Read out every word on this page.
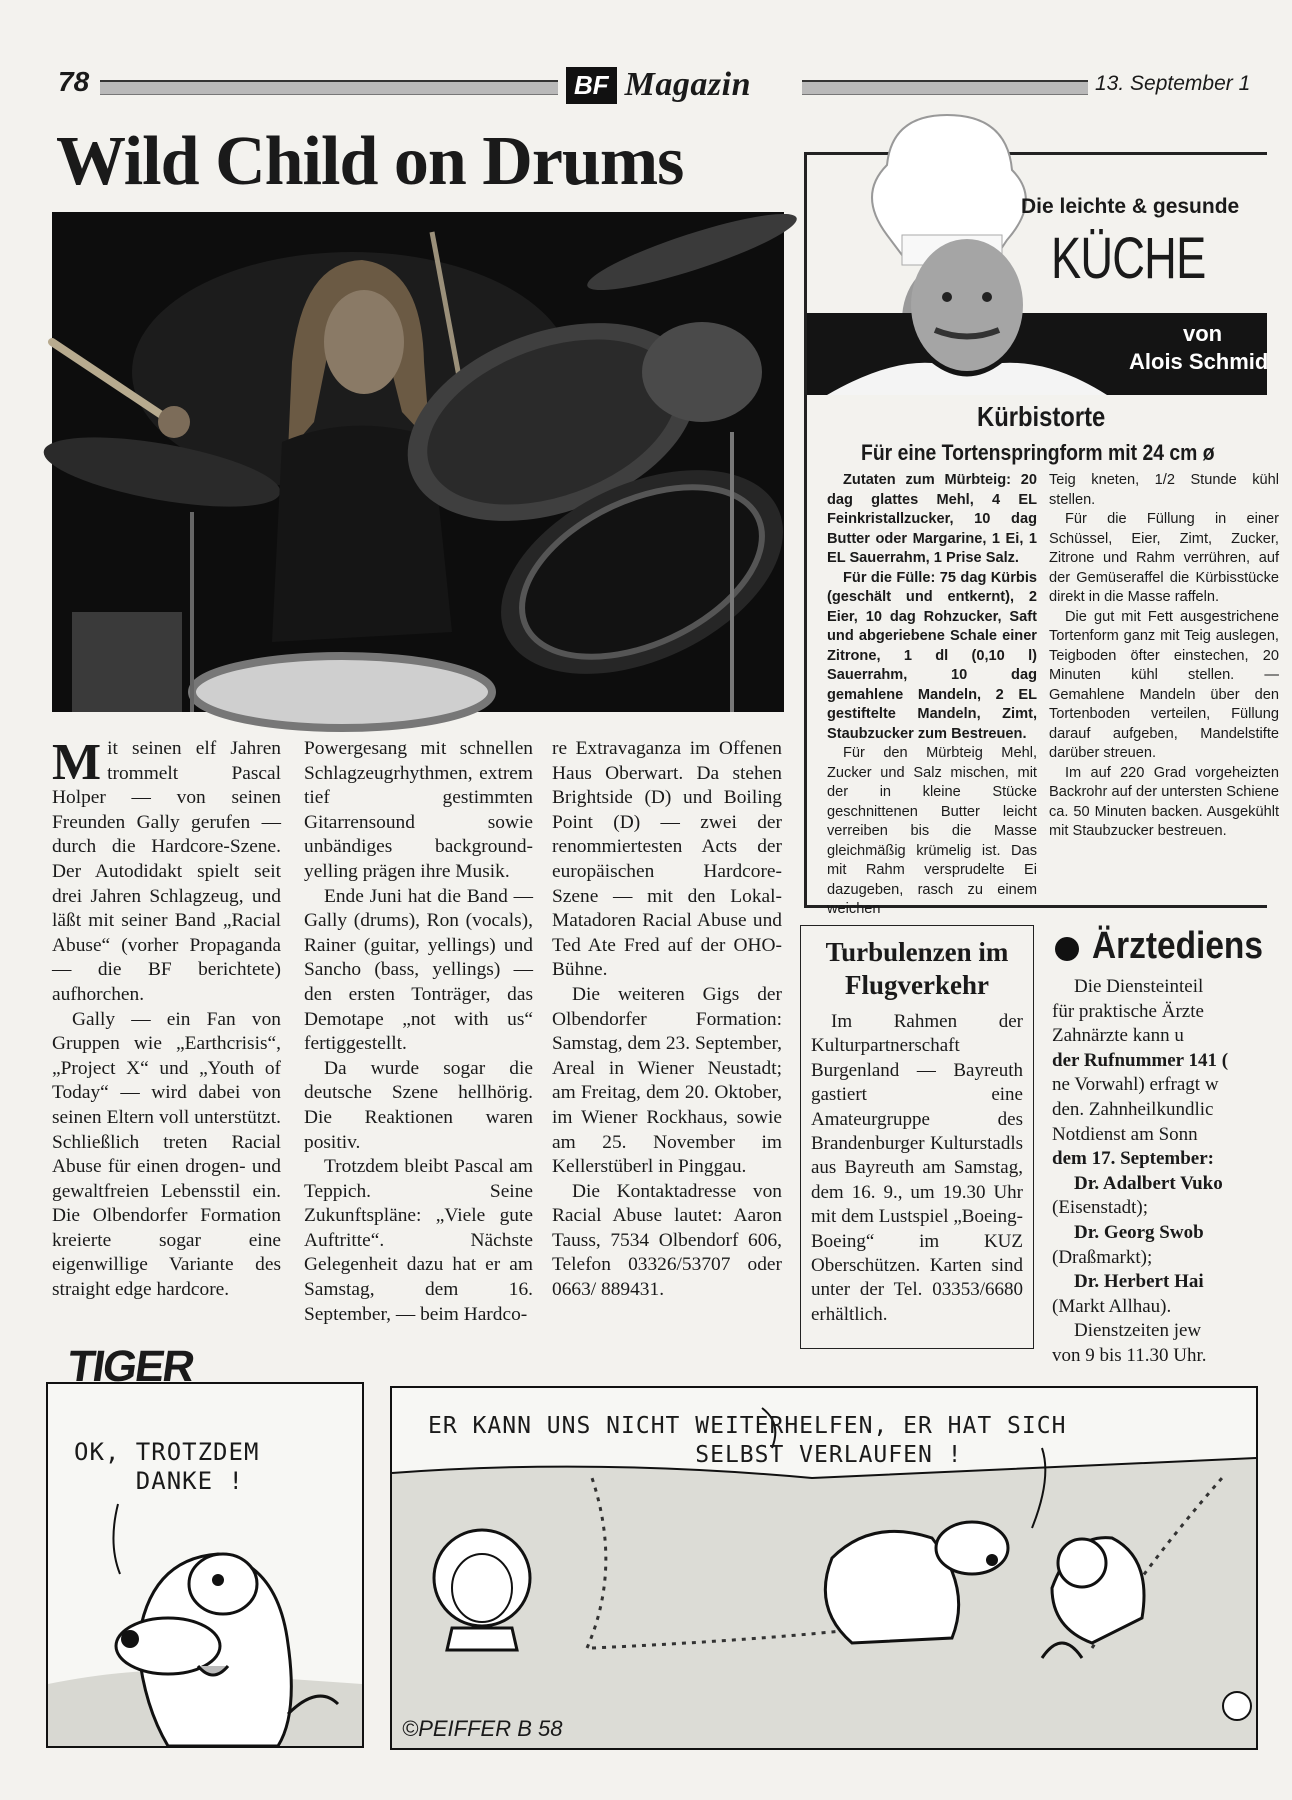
78	BF Magazin	13. September 1
Wild Child on Drums

Mit seinen elf Jahren trommelt Pascal Holper — von seinen Freunden Gally gerufen — durch die Hardcore-Szene. Der Autodidakt spielt seit drei Jahren Schlagzeug, und läßt mit seiner Band „Racial Abuse“ (vorher Propaganda — die BF berichtete) aufhorchen.

Gally — ein Fan von Gruppen wie „Earthcrisis“, „Project X“ und „Youth of Today“ — wird dabei von seinen Eltern voll unterstützt. Schließlich treten Racial Abuse für einen drogen- und gewaltfreien Lebensstil ein. Die Olbendorfer Formation kreierte sogar eine eigenwillige Variante des straight edge hardcore.

Powergesang mit schnellen Schlagzeugrhythmen, extrem tief gestimmten Gitarrensound sowie unbändiges background-yelling prägen ihre Musik.

Ende Juni hat die Band — Gally (drums), Ron (vocals), Rainer (guitar, yellings) und Sancho (bass, yellings) — den ersten Tonträger, das Demotape „not with us“ fertiggestellt.

Da wurde sogar die deutsche Szene hellhörig. Die Reaktionen waren positiv.

Trotzdem bleibt Pascal am Teppich. Seine Zukunftspläne: „Viele gute Auftritte“. Nächste Gelegenheit dazu hat er am Samstag, dem 16. September, — beim Hardco-

re Extravaganza im Offenen Haus Oberwart. Da stehen Brightside (D) und Boiling Point (D) — zwei der renommiertesten Acts der europäischen Hardcore-Szene — mit den Lokal-Matadoren Racial Abuse und Ted Ate Fred auf der OHO-Bühne.

Die weiteren Gigs der Olbendorfer Formation: Samstag, dem 23. September, Areal in Wiener Neustadt; am Freitag, dem 20. Oktober, im Wiener Rockhaus, sowie am 25. November im Kellerstüberl in Pinggau.

Die Kontaktadresse von Racial Abuse lautet: Aaron Tauss, 7534 Olbendorf 606, Telefon 03326/53707 oder 0663/ 889431.

Die leichte & gesunde
KÜCHE
von
Alois Schmid
Kürbistorte
Für eine Tortenspringform mit 24 cm ø

Zutaten zum Mürbteig: 20 dag glattes Mehl, 4 EL Feinkristallzucker, 10 dag Butter oder Margarine, 1 Ei, 1 EL Sauerrahm, 1 Prise Salz.

Für die Fülle: 75 dag Kürbis (geschält und entkernt), 2 Eier, 10 dag Rohzucker, Saft und abgeriebene Schale einer Zitrone, 1 dl (0,10 l) Sauerrahm, 10 dag gemahlene Mandeln, 2 EL gestiftelte Mandeln, Zimt, Staubzucker zum Bestreuen.

Für den Mürbteig Mehl, Zucker und Salz mischen, mit der in kleine Stücke geschnittenen Butter leicht verreiben bis die Masse gleichmäßig krümelig ist. Das mit Rahm versprudelte Ei dazugeben, rasch zu einem weichen

Teig kneten, 1/2 Stunde kühl stellen.

Für die Füllung in einer Schüssel, Eier, Zimt, Zucker, Zitrone und Rahm verrühren, auf der Gemüseraffel die Kürbisstücke direkt in die Masse raffeln.

Die gut mit Fett ausgestrichene Tortenform ganz mit Teig auslegen, Teigboden öfter einstechen, 20 Minuten kühl stellen. — Gemahlene Mandeln über den Tortenboden verteilen, Füllung darauf aufgeben, Mandelstifte darüber streuen.

Im auf 220 Grad vorgeheizten Backrohr auf der untersten Schiene ca. 50 Minuten backen. Ausgekühlt mit Staubzucker bestreuen.

Turbulenzen im Flugverkehr
Im Rahmen der Kulturpartnerschaft Burgenland — Bayreuth gastiert eine Amateurgruppe des Brandenburger Kulturstadls aus Bayreuth am Samstag, dem 16. 9., um 19.30 Uhr mit dem Lustspiel „Boeing-Boeing“ im KUZ Oberschützen. Karten sind unter der Tel. 03353/6680 erhältlich.
Ärztediens

Die Diensteinteil

für praktische Ärzte

Zahnärzte kann u

der Rufnummer 141 (

ne Vorwahl) erfragt w

den. Zahnheilkundlic

Notdienst am Sonn

dem 17. September:

Dr. Adalbert Vuko

(Eisenstadt);

Dr. Georg Swob

(Draßmarkt);

Dr. Herbert Hai

(Markt Allhau).

Dienstzeiten jew

von 9 bis 11.30 Uhr.

OK, TROTZDEM
DANKE !
TIGER
ER KANN UNS NICHT WEITERHELFEN, ER HAT SICH
SELBST VERLAUFEN !
©PEIFFER B 58
